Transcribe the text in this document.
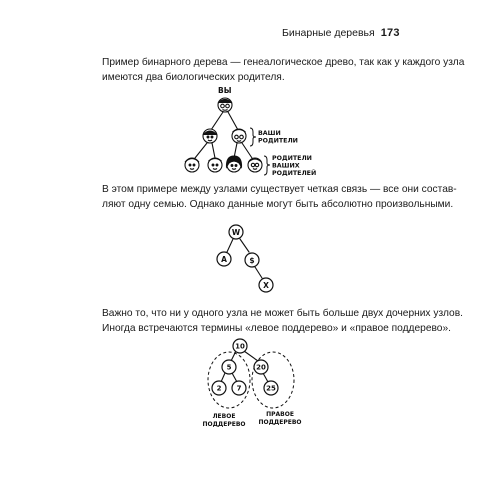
Бинарные деревья 173
Пример бинарного дерева — генеалогическое древо, так как у каждого узла
имеются два биологических родителя.
ВЫ
ВАШИ
РОДИТЕЛИ
РОДИТЕЛИ
ВАШИХ
РОДИТЕЛЕЙ
В этом примере между узлами существует четкая связь — все они состав-
ляют одну семью. Однако данные могут быть абсолютно произвольными.
W
A	$
X
Важно то, что ни у одного узла не может быть больше двух дочерних узлов.
Иногда встречаются термины «левое поддерево» и «правое поддерево».
10
5	20
2 7	25
ЛЕВОЕ
ПОДДЕРЕВО
ПРАВОЕ
ПОДДЕРЕВО
